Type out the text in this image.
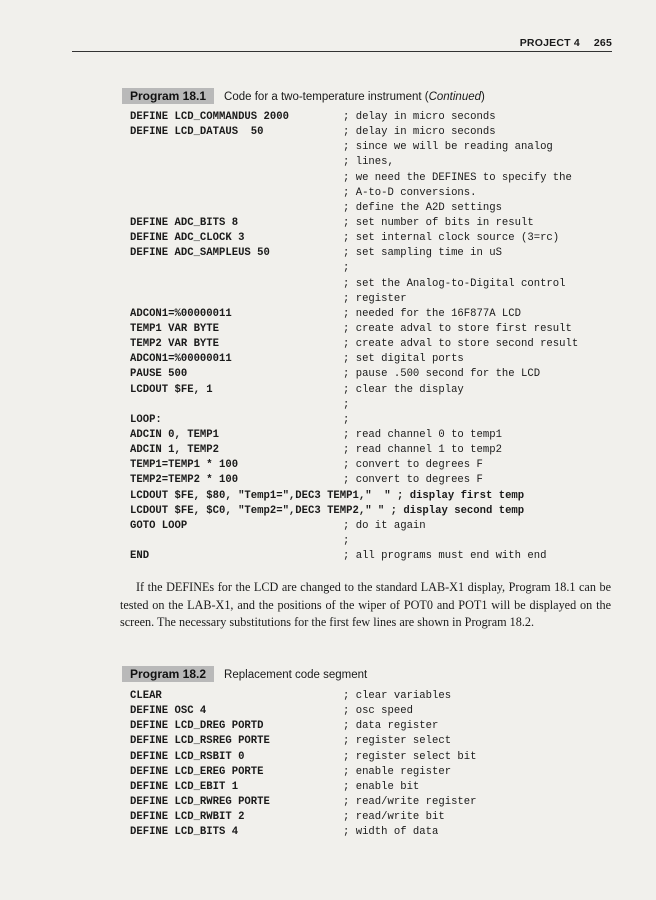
PROJECT 4 265
Program 18.1 Code for a two-temperature instrument (Continued)
DEFINE LCD_COMMANDUS 2000	; delay in micro seconds
DEFINE LCD_DATAUS  50	; delay in micro seconds
; since we will be reading analog
; lines,
; we need the DEFINES to specify the
; A-to-D conversions.
; define the A2D settings
DEFINE ADC_BITS 8	; set number of bits in result
DEFINE ADC_CLOCK 3	; set internal clock source (3=rc)
DEFINE ADC_SAMPLEUS 50	; set sampling time in uS
;
; set the Analog-to-Digital control
; register
ADCON1=%00000011	; needed for the 16F877A LCD
TEMP1 VAR BYTE	; create adval to store first result
TEMP2 VAR BYTE	; create adval to store second result
ADCON1=%00000011	; set digital ports
PAUSE 500	; pause .500 second for the LCD
LCDOUT $FE, 1	; clear the display
;
LOOP:	;
ADCIN 0, TEMP1	; read channel 0 to temp1
ADCIN 1, TEMP2	; read channel 1 to temp2
TEMP1=TEMP1 * 100	; convert to degrees F
TEMP2=TEMP2 * 100	; convert to degrees F
LCDOUT $FE, $80, "Temp1=",DEC3 TEMP1,"  " ; display first temp
LCDOUT $FE, $C0, "Temp2=",DEC3 TEMP2," " ; display second temp
GOTO LOOP	; do it again
;
END	; all programs must end with end
If the DEFINEs for the LCD are changed to the standard LAB-X1 display, Program 18.1 can be tested on the LAB-X1, and the positions of the wiper of POT0 and POT1 will be displayed on the screen. The necessary substitutions for the first few lines are shown in Program 18.2.
Program 18.2 Replacement code segment
CLEAR	; clear variables
DEFINE OSC 4	; osc speed
DEFINE LCD_DREG PORTD	; data register
DEFINE LCD_RSREG PORTE	; register select
DEFINE LCD_RSBIT 0	; register select bit
DEFINE LCD_EREG PORTE	; enable register
DEFINE LCD_EBIT 1	; enable bit
DEFINE LCD_RWREG PORTE	; read/write register
DEFINE LCD_RWBIT 2	; read/write bit
DEFINE LCD_BITS 4	; width of data
